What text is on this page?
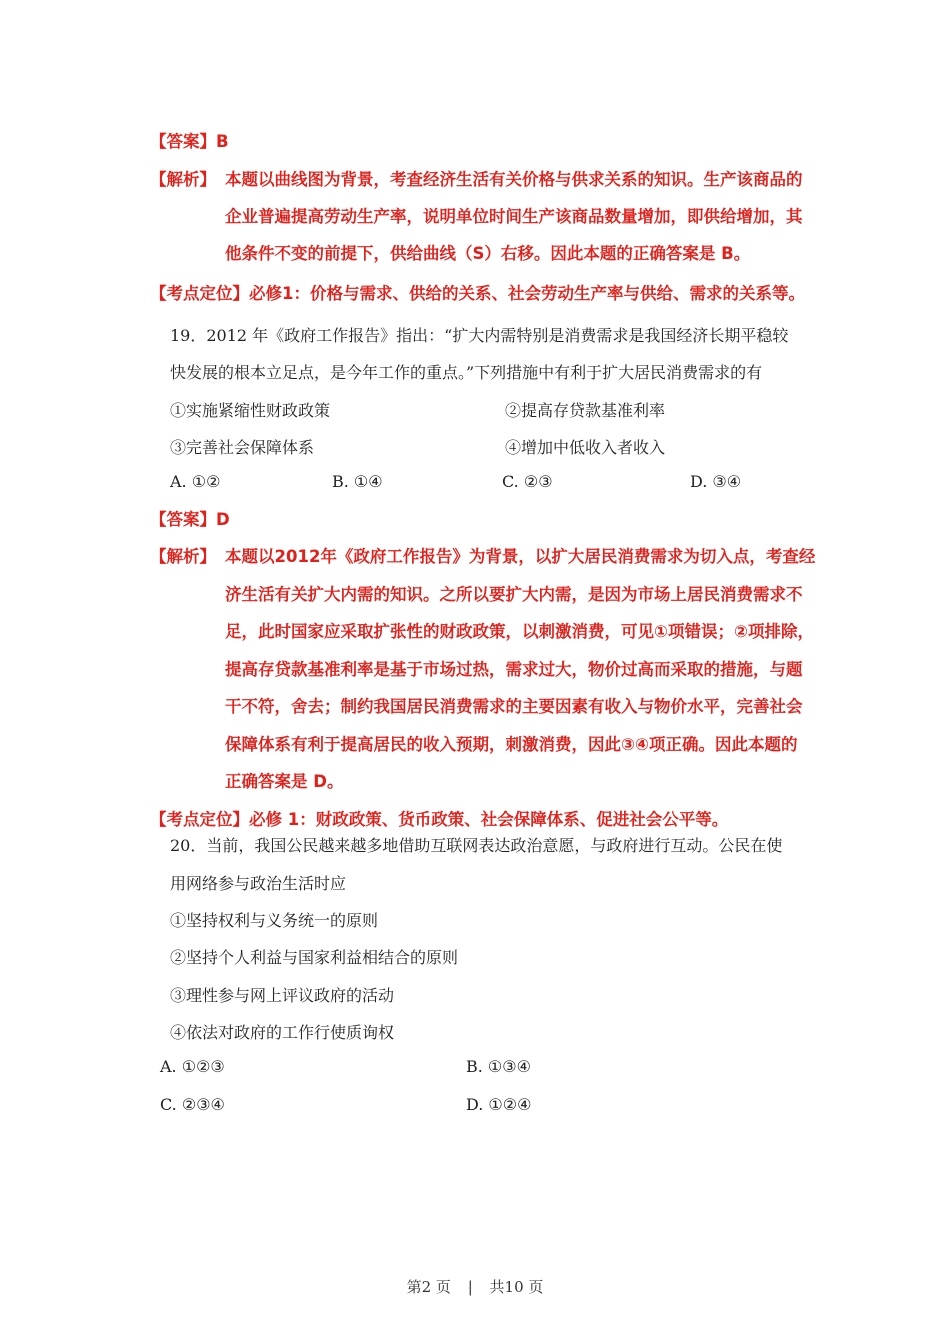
【答案】B
【解析】 本题以曲线图为背景，考查经济生活有关价格与供求关系的知识。生产该商品的
企业普遍提高劳动生产率，说明单位时间生产该商品数量增加，即供给增加，其
他条件不变的前提下，供给曲线（S）右移。因此本题的正确答案是 B。
【考点定位】必修1：价格与需求、供给的关系、社会劳动生产率与供给、需求的关系等。
19．2012 年《政府工作报告》指出：“扩大内需特别是消费需求是我国经济长期平稳较
快发展的根本立足点，是今年工作的重点。”下列措施中有利于扩大居民消费需求的有
①实施紧缩性财政政策	②提高存贷款基准利率
③完善社会保障体系	④增加中低收入者收入
A. ①②	B. ①④	C. ②③	D. ③④
【答案】D
【解析】 本题以2012年《政府工作报告》为背景，以扩大居民消费需求为切入点，考查经
济生活有关扩大内需的知识。之所以要扩大内需，是因为市场上居民消费需求不
足，此时国家应采取扩张性的财政政策，以刺激消费，可见①项错误；②项排除，
提高存贷款基准利率是基于市场过热，需求过大，物价过高而采取的措施，与题
干不符，舍去；制约我国居民消费需求的主要因素有收入与物价水平，完善社会
保障体系有利于提高居民的收入预期，刺激消费，因此③④项正确。因此本题的
正确答案是 D。
【考点定位】必修 1：财政政策、货币政策、社会保障体系、促进社会公平等。
20．当前，我国公民越来越多地借助互联网表达政治意愿，与政府进行互动。公民在使
用网络参与政治生活时应
①坚持权利与义务统一的原则
②坚持个人利益与国家利益相结合的原则
③理性参与网上评议政府的活动
④依法对政府的工作行使质询权
A. ①②③	B. ①③④
C. ②③④	D. ①②④
第2 页 | 共10 页
